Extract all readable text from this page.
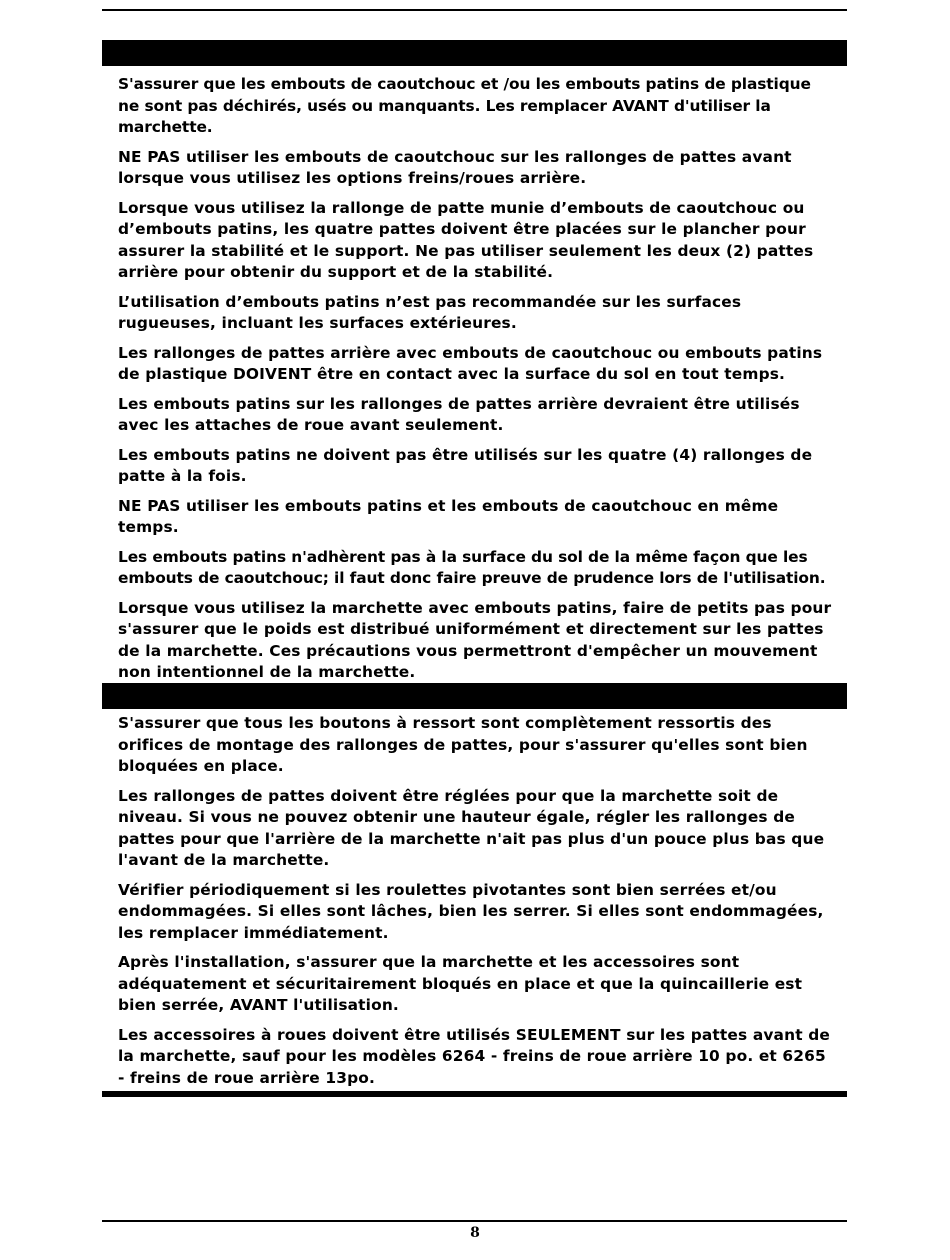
S'assurer que les embouts de caoutchouc et /ou les embouts patins de plastique ne sont pas déchirés, usés ou manquants. Les remplacer AVANT d'utiliser la marchette.

NE PAS utiliser les embouts de caoutchouc sur les rallonges de pattes avant lorsque vous utilisez les options freins/roues arrière.

Lorsque vous utilisez la rallonge de patte munie d’embouts de caoutchouc ou d’embouts patins, les quatre pattes doivent être placées sur le plancher pour assurer la stabilité et le support. Ne pas utiliser seulement les deux (2) pattes arrière pour obtenir du support et de la stabilité.

L’utilisation d’embouts patins n’est pas recommandée sur les surfaces rugueuses, incluant les surfaces extérieures.

Les rallonges de pattes arrière avec embouts de caoutchouc ou embouts patins de plastique DOIVENT être en contact avec la surface du sol en tout temps.

Les embouts patins sur les rallonges de pattes arrière devraient être utilisés avec les attaches de roue avant seulement.

Les embouts patins ne doivent pas être utilisés sur les quatre (4) rallonges de patte à la fois.

NE PAS utiliser les embouts patins et les embouts de caoutchouc en même temps.

Les embouts patins n'adhèrent pas à la surface du sol de la même façon que les embouts de caoutchouc; il faut donc faire preuve de prudence lors de l'utilisation.

Lorsque vous utilisez la marchette avec embouts patins, faire de petits pas pour s'assurer que le poids est distribué uniformément et directement sur les pattes de la marchette. Ces précautions vous permettront d'empêcher un mouvement non intentionnel de la marchette.

S'assurer que tous les boutons à ressort sont complètement ressortis des orifices de montage des rallonges de pattes, pour s'assurer qu'elles sont bien bloquées en place.

Les rallonges de pattes doivent être réglées pour que la marchette soit de niveau. Si vous ne pouvez obtenir une hauteur égale, régler les rallonges de pattes pour que l'arrière de la marchette n'ait pas plus d'un pouce plus bas que l'avant de la marchette.

Vérifier périodiquement si les roulettes pivotantes sont bien serrées et/ou endommagées. Si elles sont lâches, bien les serrer. Si elles sont endommagées, les remplacer immédiatement.

Après l'installation, s'assurer que la marchette et les accessoires sont adéquatement et sécuritairement bloqués en place et que la quincaillerie est bien serrée, AVANT l'utilisation.

Les accessoires à roues doivent être utilisés SEULEMENT sur les pattes avant de la marchette, sauf pour les modèles 6264 - freins de roue arrière 10 po. et 6265 - freins de roue arrière 13po.

8
